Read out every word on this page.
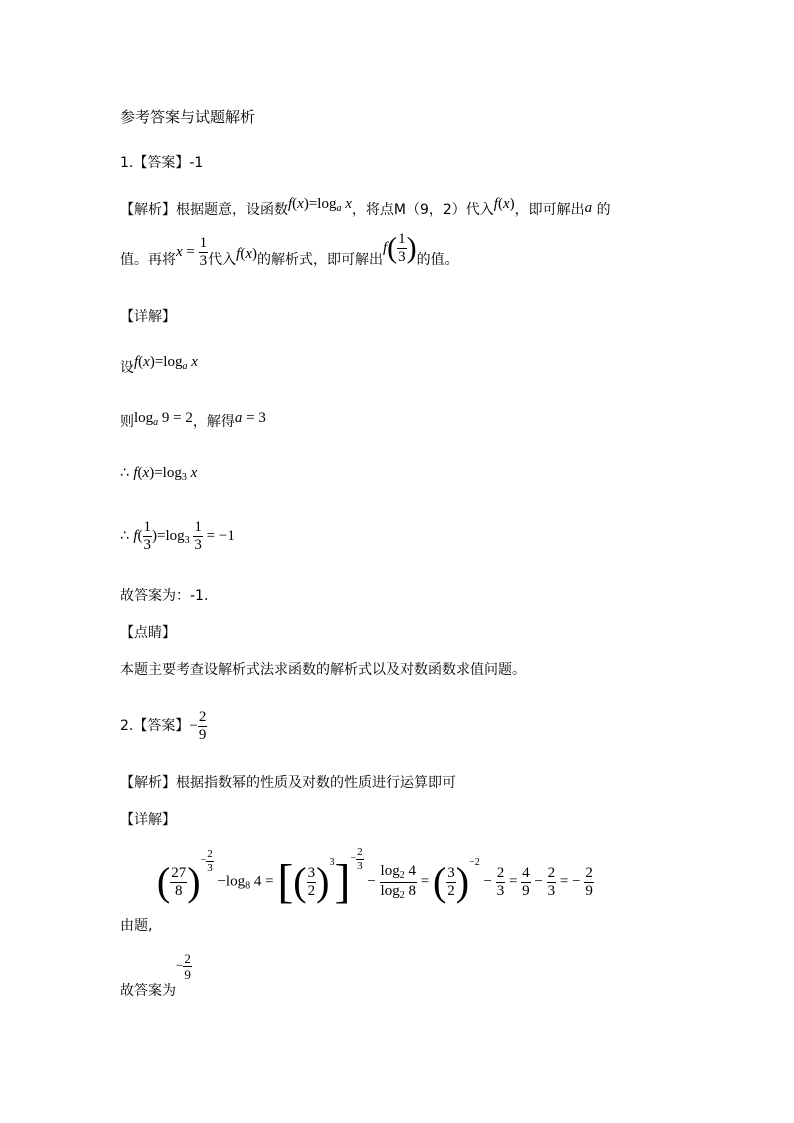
参考答案与试题解析
1.【答案】-1
【解析】根据题意，设函数$f(x)=\log_a$ x，将点M（9，2）代入f(x)，即可解出a 的
值。再将$x = \frac{1}{3}$ 代入f(x)的解析式，即可解出$f( \frac{1}{3}$ )的值。
【详解】
设$f(x)=\log_a$ x
则$\log_a 9 = 2$，解得a = 3
∴ $f(x)=\log_3$ x
∴ $f( \frac{1}{3} )=\log_3 \frac{1}{3} = -1$
故答案为：-1.
【点睛】
本题主要考查设解析式法求函数的解析式以及对数函数求值问题。
2.【答案】− $\frac{2}{9}$
【解析】根据指数幂的性质及对数的性质进行运算即可
【详解】
由题, ( $\frac{27}{8} )^{- \frac{2}{3}}$
$-\log_8$ 4 = [( $\frac{3}{2} )^3]^{- \frac{2}{3}}$
− $\frac{\log_2 4}{\log_2 8}$ = ( $\frac{3}{2} )^{-2} - \frac{2}{3} = \frac{4}{9} - \frac{2}{3}$ = − $\frac{2}{9}$
故答案为− $\frac{2}{9}$
